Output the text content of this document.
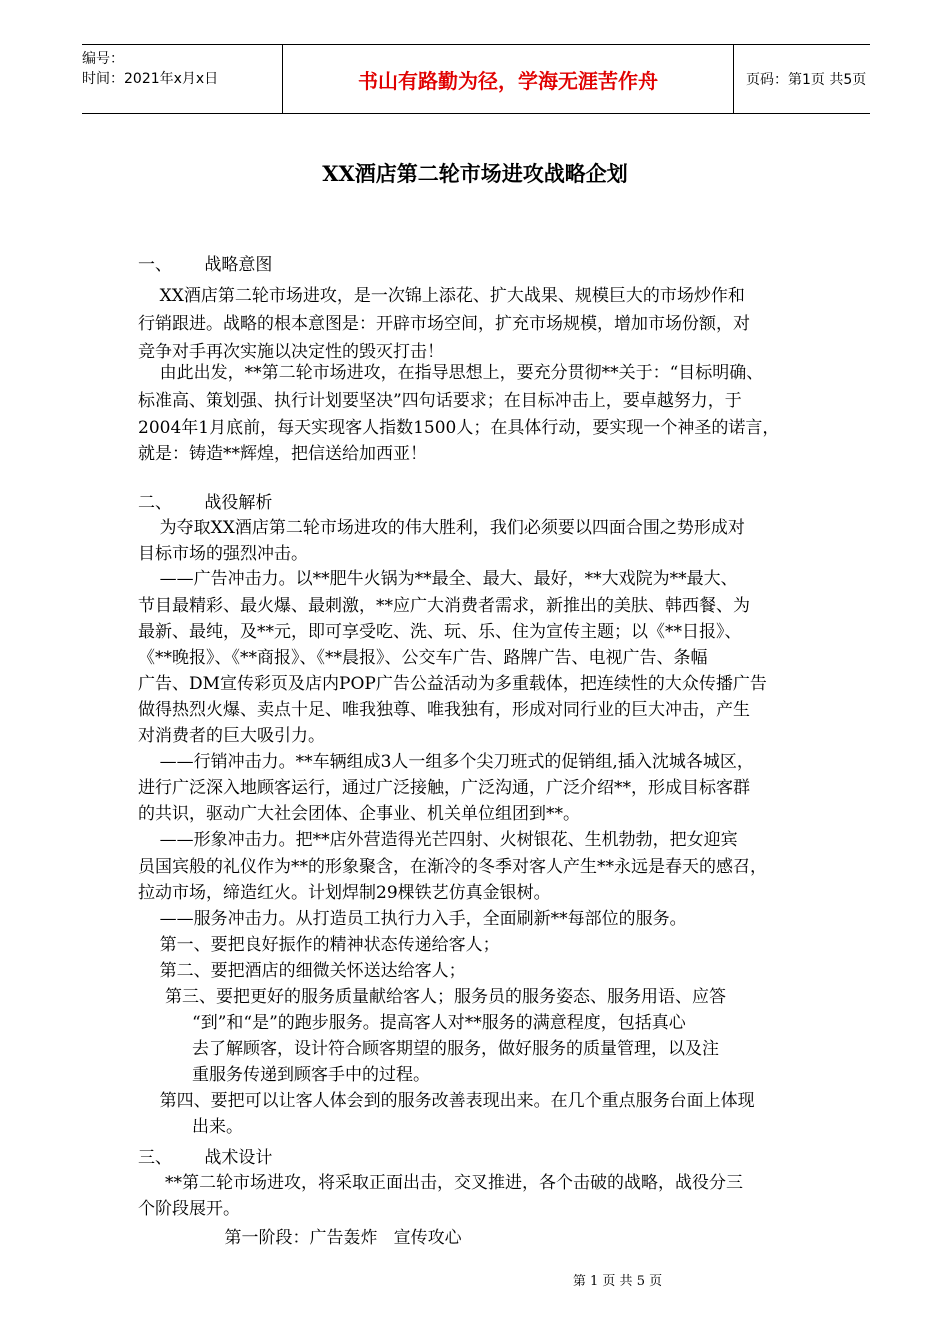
编号：
时间：2021年x月x日	书山有路勤为径，学海无涯苦作舟	页码：第1页 共5页
XX酒店第二轮市场进攻战略企划
一、      战略意图
XX酒店第二轮市场进攻，是一次锦上添花、扩大战果、规模巨大的市场炒作和
行销跟进。战略的根本意图是：开辟市场空间，扩充市场规模，增加市场份额，对
竞争对手再次实施以决定性的毁灭打击！
由此出发，**第二轮市场进攻，在指导思想上，要充分贯彻**关于：“目标明确、
标准高、策划强、执行计划要坚决”四句话要求；在目标冲击上，要卓越努力，于
2004年1月底前，每天实现客人指数1500人；在具体行动，要实现一个神圣的诺言，
就是：铸造**辉煌，把信送给加西亚！
二、      战役解析
为夺取XX酒店第二轮市场进攻的伟大胜利，我们必须要以四面合围之势形成对
目标市场的强烈冲击。
——广告冲击力。以**肥牛火锅为**最全、最大、最好，**大戏院为**最大、
节目最精彩、最火爆、最刺激，**应广大消费者需求，新推出的美肤、韩西餐、为
最新、最纯，及**元，即可享受吃、洗、玩、乐、住为宣传主题；以《**日报》、
《**晚报》、《**商报》、《**晨报》、公交车广告、路牌广告、电视广告、条幅
广告、DM宣传彩页及店内POP广告公益活动为多重载体，把连续性的大众传播广告
做得热烈火爆、卖点十足、唯我独尊、唯我独有，形成对同行业的巨大冲击，产生
对消费者的巨大吸引力。
——行销冲击力。**车辆组成3人一组多个尖刀班式的促销组,插入沈城各城区，
进行广泛深入地顾客运行，通过广泛接触，广泛沟通，广泛介绍**，形成目标客群
的共识，驱动广大社会团体、企事业、机关单位组团到**。
——形象冲击力。把**店外营造得光芒四射、火树银花、生机勃勃，把女迎宾
员国宾般的礼仪作为**的形象聚含，在渐冷的冬季对客人产生**永远是春天的感召，
拉动市场，缔造红火。计划焊制29棵铁艺仿真金银树。
——服务冲击力。从打造员工执行力入手，全面刷新**每部位的服务。
第一、要把良好振作的精神状态传递给客人；
第二、要把酒店的细微关怀送达给客人；
第三、要把更好的服务质量献给客人；服务员的服务姿态、服务用语、应答
“到”和“是”的跑步服务。提高客人对**服务的满意程度，包括真心
去了解顾客，设计符合顾客期望的服务，做好服务的质量管理，以及注
重服务传递到顾客手中的过程。
第四、要把可以让客人体会到的服务改善表现出来。在几个重点服务台面上体现
出来。
三、      战术设计
**第二轮市场进攻，将采取正面出击，交叉推进，各个击破的战略，战役分三
个阶段展开。
第一阶段：广告轰炸   宣传攻心
第 1 页 共 5 页
